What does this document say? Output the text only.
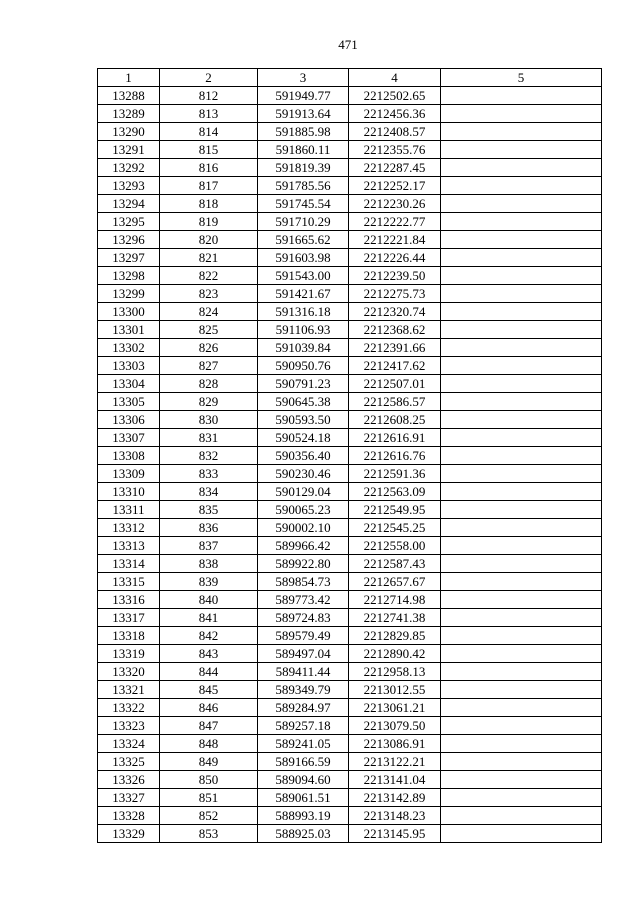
471
1	2	3	4	5
13288	812	591949.77	2212502.65	
13289	813	591913.64	2212456.36	
13290	814	591885.98	2212408.57	
13291	815	591860.11	2212355.76	
13292	816	591819.39	2212287.45	
13293	817	591785.56	2212252.17	
13294	818	591745.54	2212230.26	
13295	819	591710.29	2212222.77	
13296	820	591665.62	2212221.84	
13297	821	591603.98	2212226.44	
13298	822	591543.00	2212239.50	
13299	823	591421.67	2212275.73	
13300	824	591316.18	2212320.74	
13301	825	591106.93	2212368.62	
13302	826	591039.84	2212391.66	
13303	827	590950.76	2212417.62	
13304	828	590791.23	2212507.01	
13305	829	590645.38	2212586.57	
13306	830	590593.50	2212608.25	
13307	831	590524.18	2212616.91	
13308	832	590356.40	2212616.76	
13309	833	590230.46	2212591.36	
13310	834	590129.04	2212563.09	
13311	835	590065.23	2212549.95	
13312	836	590002.10	2212545.25	
13313	837	589966.42	2212558.00	
13314	838	589922.80	2212587.43	
13315	839	589854.73	2212657.67	
13316	840	589773.42	2212714.98	
13317	841	589724.83	2212741.38	
13318	842	589579.49	2212829.85	
13319	843	589497.04	2212890.42	
13320	844	589411.44	2212958.13	
13321	845	589349.79	2213012.55	
13322	846	589284.97	2213061.21	
13323	847	589257.18	2213079.50	
13324	848	589241.05	2213086.91	
13325	849	589166.59	2213122.21	
13326	850	589094.60	2213141.04	
13327	851	589061.51	2213142.89	
13328	852	588993.19	2213148.23	
13329	853	588925.03	2213145.95	
